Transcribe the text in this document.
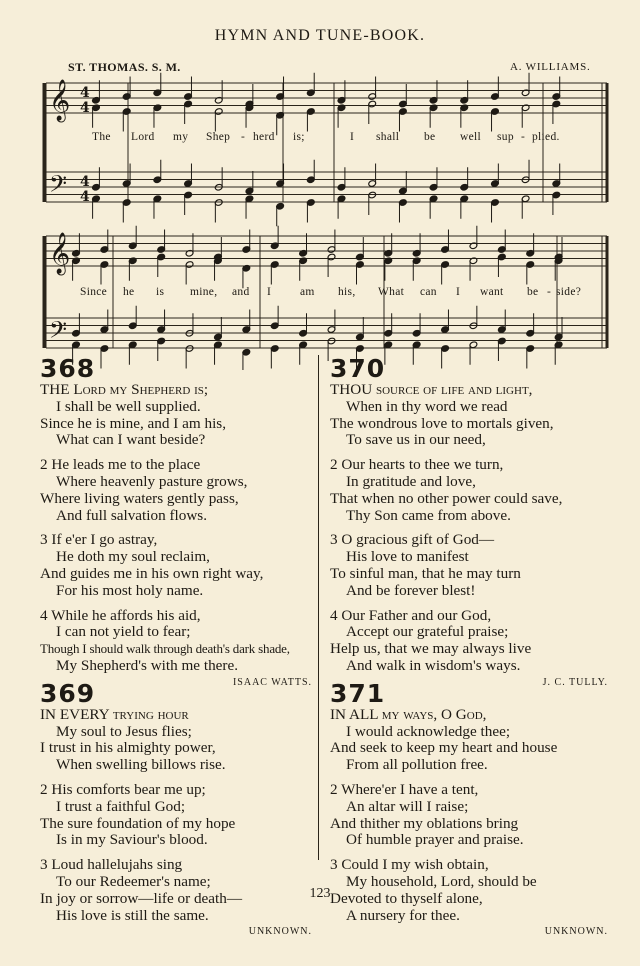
HYMN AND TUNE-BOOK.
ST. THOMAS. S. M.	A. WILLIAMS.
𝄞
𝄢
4
4
4
4
𝄞
𝄢
The Lord my Shep - herd is;	I shall be well sup - plied.
Since he is mine, and I	am his, What can I want be - side?
368
THE Lord my Shepherd is;
I shall be well supplied.
Since he is mine, and I am his,
What can I want beside?
2 He leads me to the place
Where heavenly pasture grows,
Where living waters gently pass,
And full salvation flows.
3 If e'er I go astray,
He doth my soul reclaim,
And guides me in his own right way,
For his most holy name.
4 While he affords his aid,
I can not yield to fear;
Though I should walk through death's dark shade,
My Shepherd's with me there.
ISAAC WATTS.
369
IN EVERY trying hour
My soul to Jesus flies;
I trust in his almighty power,
When swelling billows rise.
2 His comforts bear me up;
I trust a faithful God;
The sure foundation of my hope
Is in my Saviour's blood.
3 Loud hallelujahs sing
To our Redeemer's name;
In joy or sorrow—life or death—
His love is still the same.
UNKNOWN.
370
THOU source of life and light,
When in thy word we read
The wondrous love to mortals given,
To save us in our need,
2 Our hearts to thee we turn,
In gratitude and love,
That when no other power could save,
Thy Son came from above.
3 O gracious gift of God—
His love to manifest
To sinful man, that he may turn
And be forever blest!
4 Our Father and our God,
Accept our grateful praise;
Help us, that we may always live
And walk in wisdom's ways.
J. C. TULLY.
371
IN ALL my ways, O God,
I would acknowledge thee;
And seek to keep my heart and house
From all pollution free.
2 Where'er I have a tent,
An altar will I raise;
And thither my oblations bring
Of humble prayer and praise.
3 Could I my wish obtain,
My household, Lord, should be
Devoted to thyself alone,
A nursery for thee.
UNKNOWN.
123
